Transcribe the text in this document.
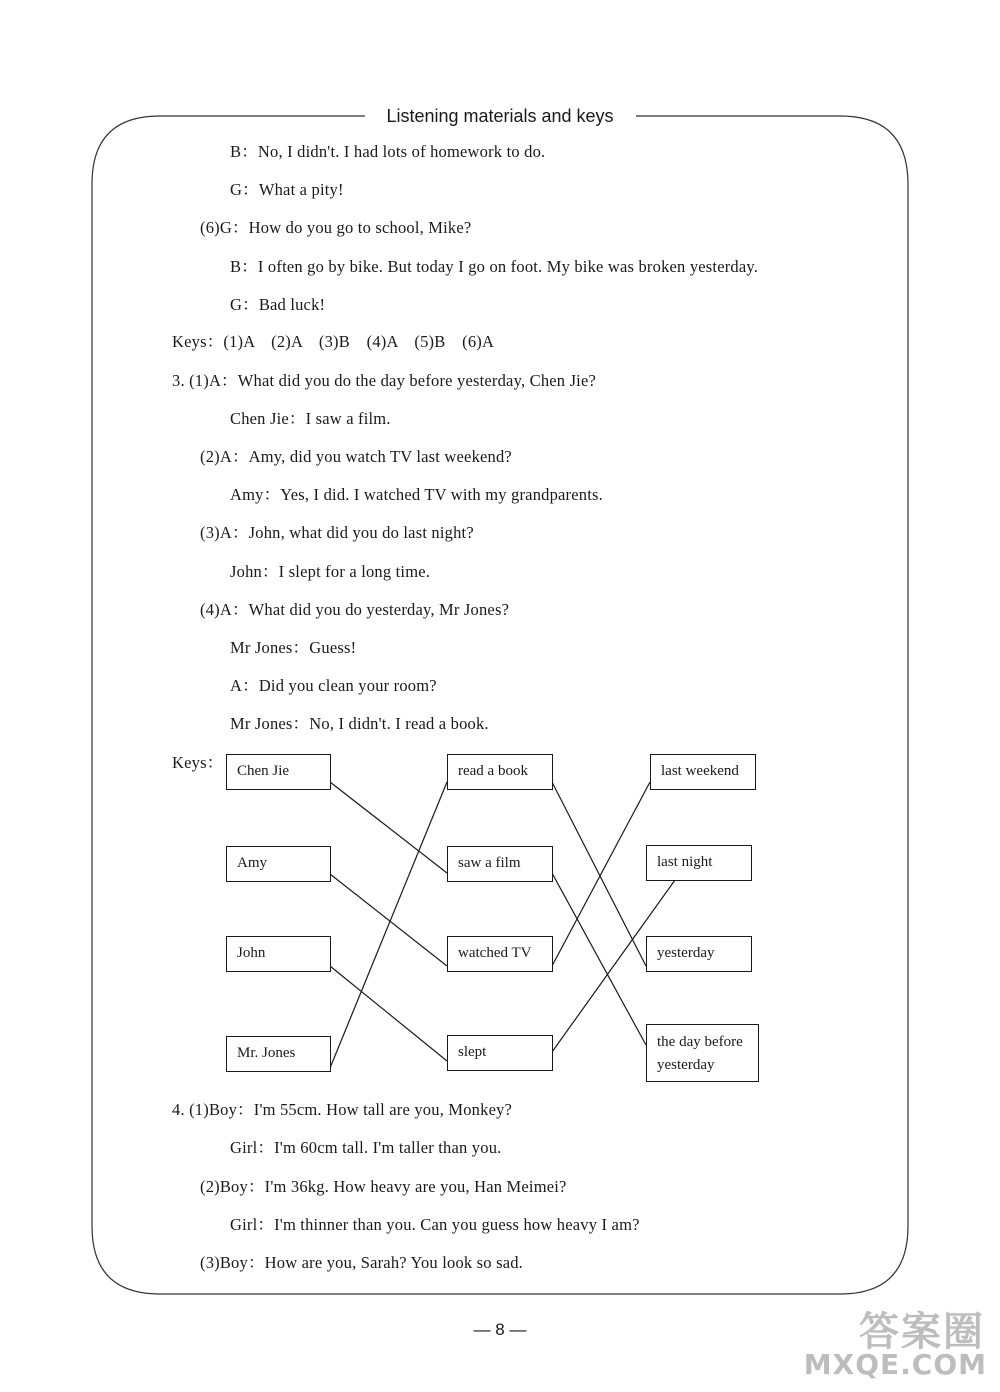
Listening materials and keys
B：No, I didn't. I had lots of homework to do.
G：What a pity!
(6)G：How do you go to school, Mike?
B：I often go by bike. But today I go on foot. My bike was broken yesterday.
G：Bad luck!
Keys：(1)A　(2)A　(3)B　(4)A　(5)B　(6)A
3. (1)A：What did you do the day before yesterday, Chen Jie?
Chen Jie：I saw a film.
(2)A：Amy, did you watch TV last weekend?
Amy：Yes, I did. I watched TV with my grandparents.
(3)A：John, what did you do last night?
John：I slept for a long time.
(4)A：What did you do yesterday, Mr Jones?
Mr Jones：Guess!
A：Did you clean your room?
Mr Jones：No, I didn't. I read a book.
Keys： Chen Jie
Amy
John
Mr. Jones
read a book
saw a film
watched TV
slept
last weekend
last night
yesterday
the day before
yesterday
4. (1)Boy：I'm 55cm. How tall are you, Monkey?
Girl：I'm 60cm tall. I'm taller than you.
(2)Boy：I'm 36kg. How heavy are you, Han Meimei?
Girl：I'm thinner than you. Can you guess how heavy I am?
(3)Boy：How are you, Sarah? You look so sad.
— 8 —	答案圈
MXQE.COM
